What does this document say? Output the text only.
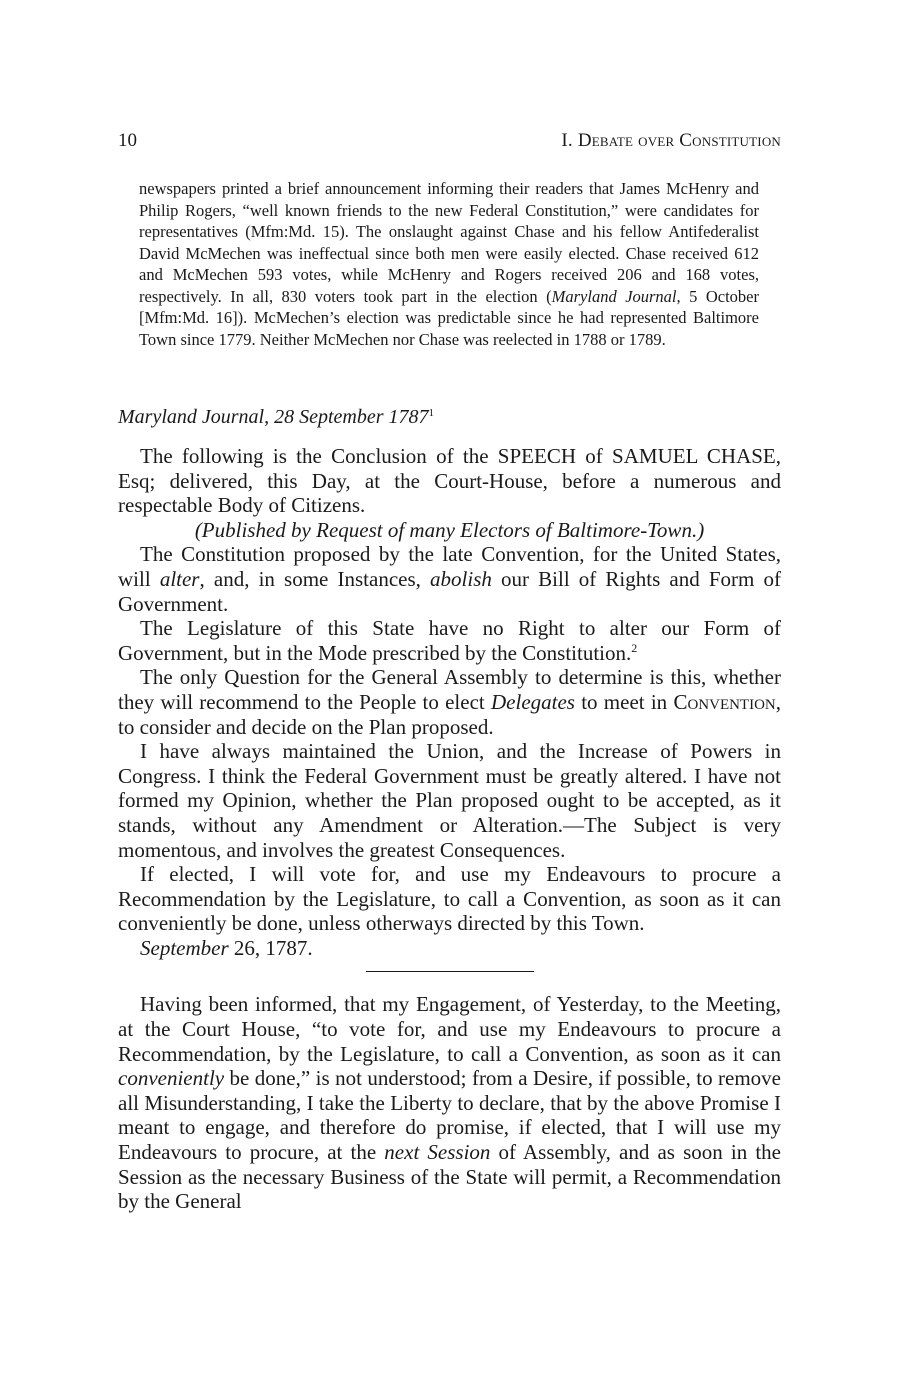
10	I. Debate over Constitution

newspapers printed a brief announcement informing their readers that James McHenry and Philip Rogers, “well known friends to the new Federal Constitution,” were candidates for representatives (Mfm:Md. 15). The onslaught against Chase and his fellow Antifederalist David McMechen was ineffectual since both men were easily elected. Chase received 612 and McMechen 593 votes, while McHenry and Rogers received 206 and 168 votes, respectively. In all, 830 voters took part in the election (Maryland Journal, 5 October [Mfm:Md. 16]). McMechen’s election was predictable since he had represented Baltimore Town since 1779. Neither McMechen nor Chase was reelected in 1788 or 1789.

Maryland Journal, 28 September 1787$^1$

The following is the Conclusion of the SPEECH of SAMUEL CHASE, Esq; delivered, this Day, at the Court-House, before a numerous and respectable Body of Citizens.

(Published by Request of many Electors of Baltimore-Town.)

The Constitution proposed by the late Convention, for the United States, will alter, and, in some Instances, abolish our Bill of Rights and Form of Government.

The Legislature of this State have no Right to alter our Form of Government, but in the Mode prescribed by the Constitution.$^2$

The only Question for the General Assembly to determine is this, whether they will recommend to the People to elect Delegates to meet in Convention, to consider and decide on the Plan proposed.

I have always maintained the Union, and the Increase of Powers in Congress. I think the Federal Government must be greatly altered. I have not formed my Opinion, whether the Plan proposed ought to be accepted, as it stands, without any Amendment or Alteration.—The Subject is very momentous, and involves the greatest Consequences.

If elected, I will vote for, and use my Endeavours to procure a Recommendation by the Legislature, to call a Convention, as soon as it can conveniently be done, unless otherways directed by this Town.

September 26, 1787.

Having been informed, that my Engagement, of Yesterday, to the Meeting, at the Court House, “to vote for, and use my Endeavours to procure a Recommendation, by the Legislature, to call a Convention, as soon as it can conveniently be done,” is not understood; from a Desire, if possible, to remove all Misunderstanding, I take the Liberty to declare, that by the above Promise I meant to engage, and therefore do promise, if elected, that I will use my Endeavours to procure, at the next Session of Assembly, and as soon in the Session as the necessary Business of the State will permit, a Recommendation by the General
